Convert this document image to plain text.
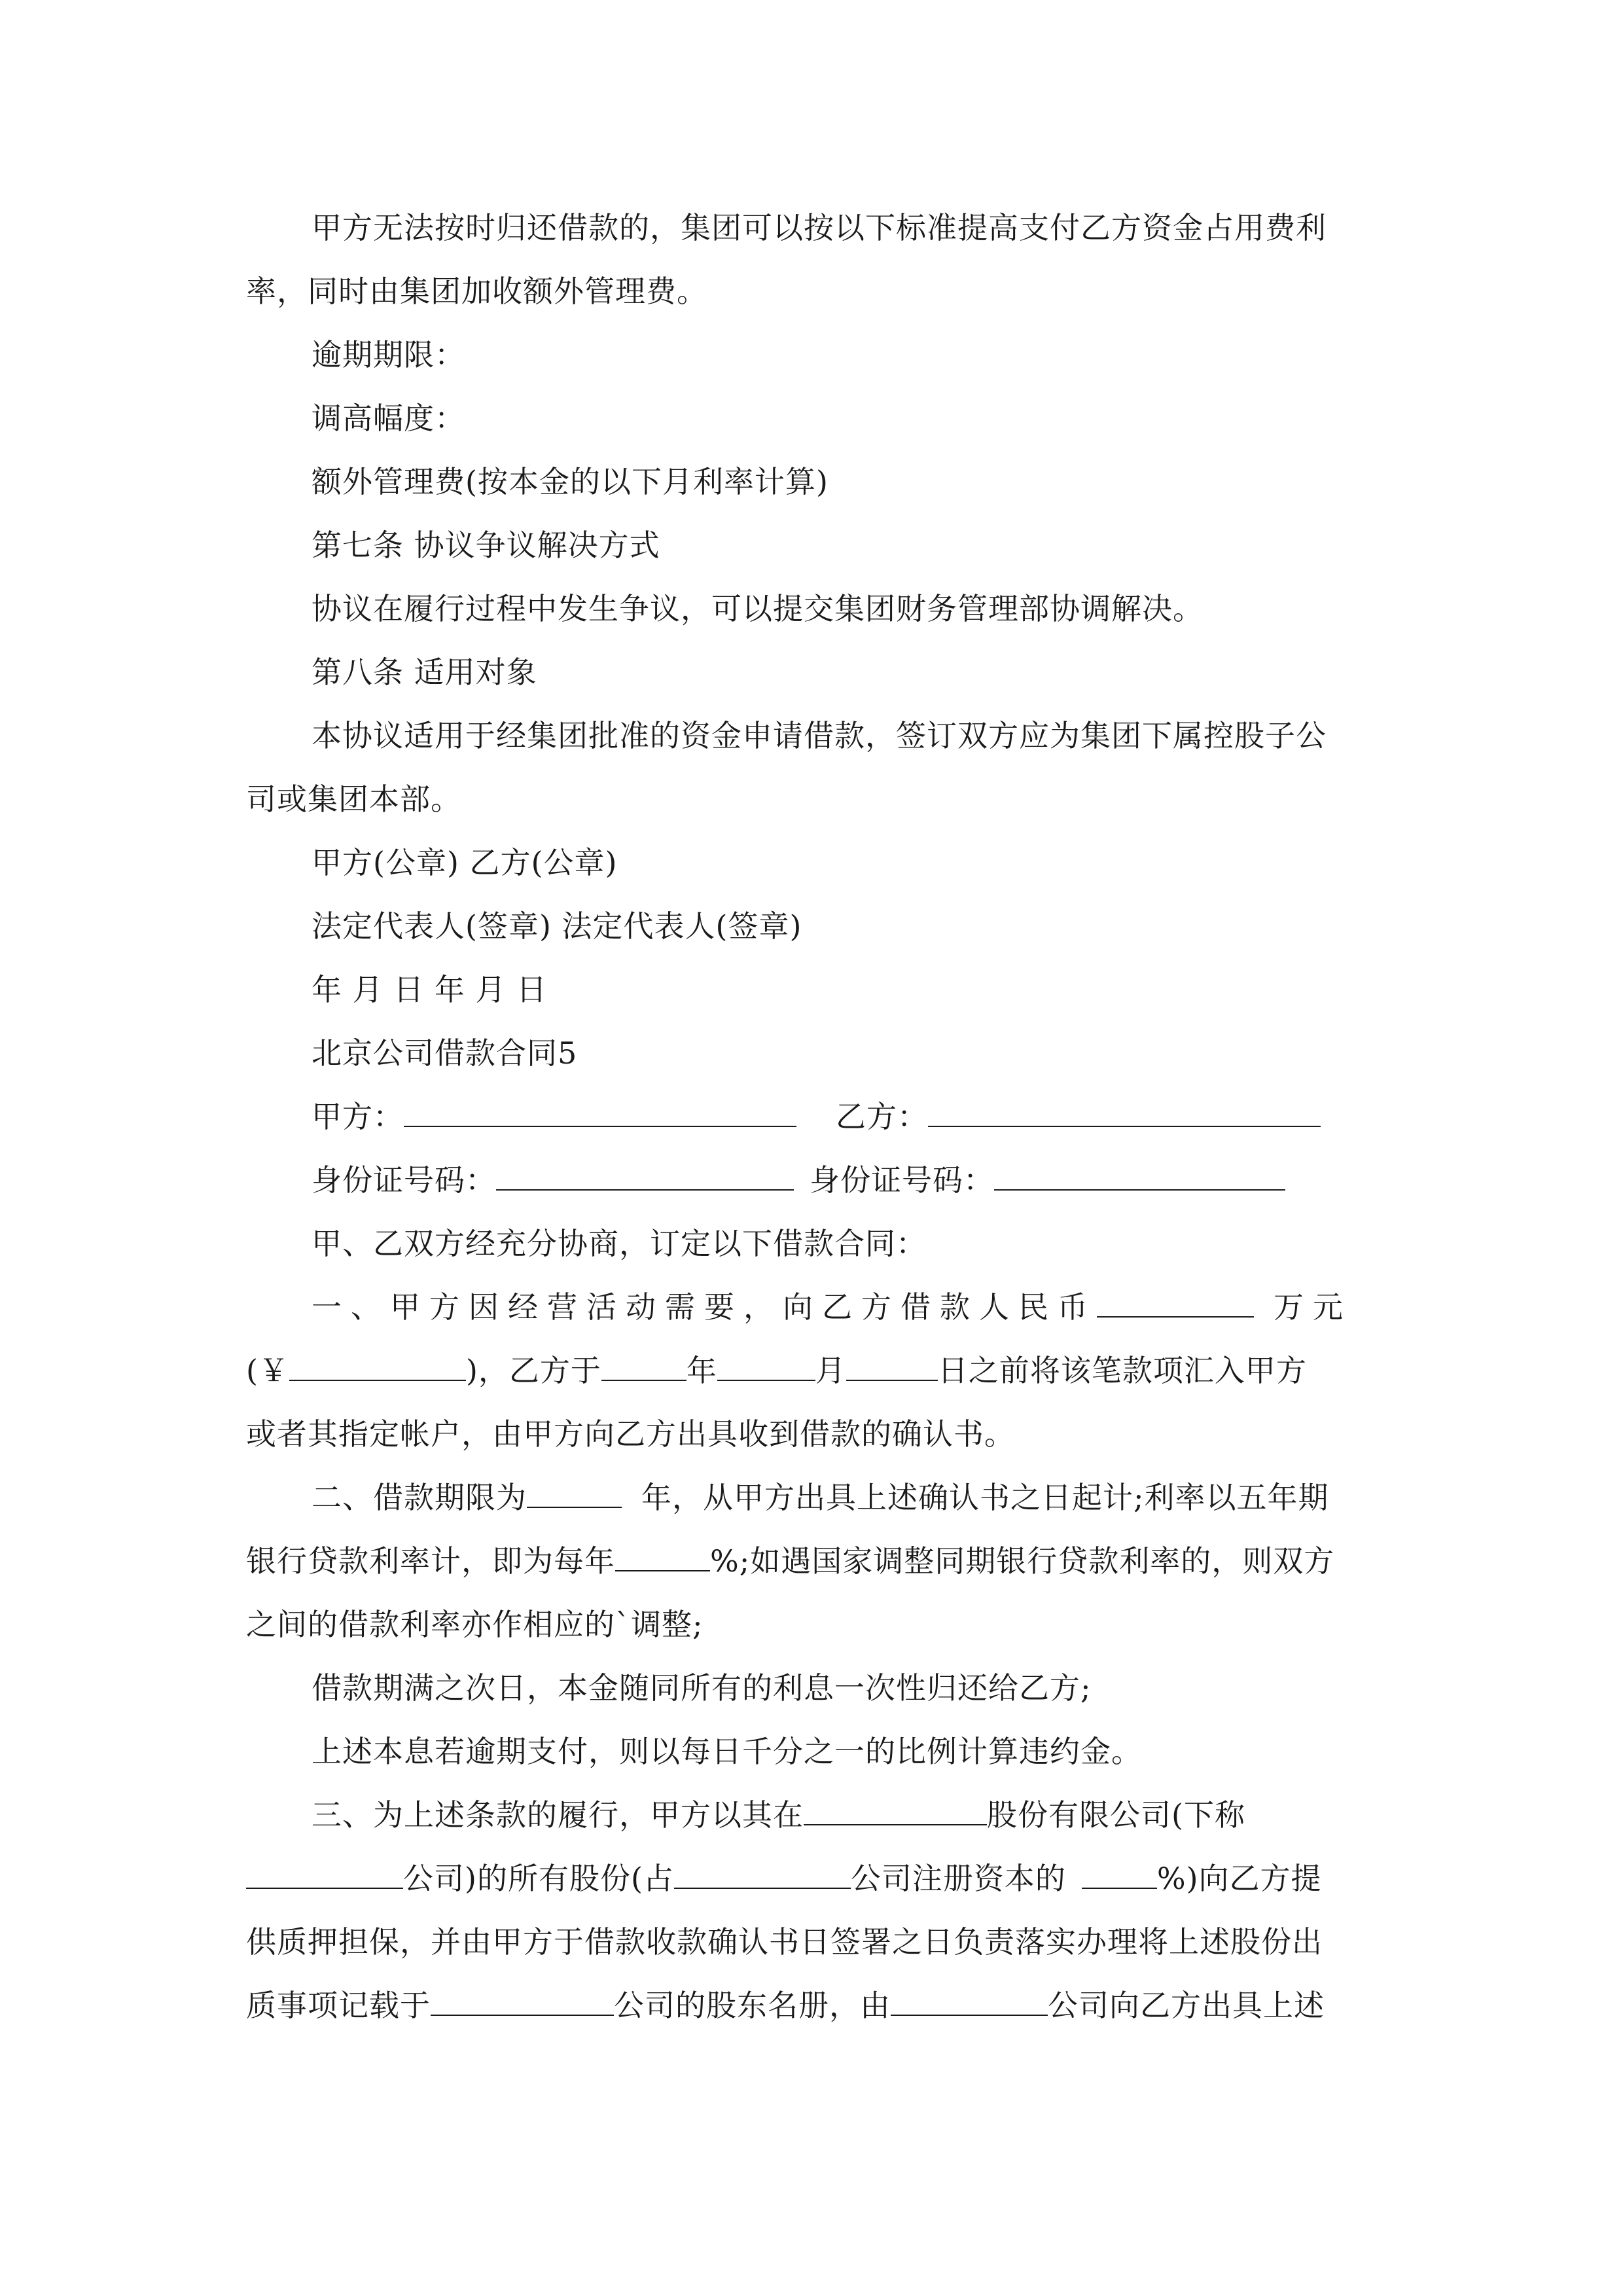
甲方无法按时归还借款的，集团可以按以下标准提高支付乙方资金占用费利
率，同时由集团加收额外管理费。
逾期期限：
调高幅度：
额外管理费(按本金的以下月利率计算)
第七条 协议争议解决方式
协议在履行过程中发生争议，可以提交集团财务管理部协调解决。
第八条 适用对象
本协议适用于经集团批准的资金申请借款，签订双方应为集团下属控股子公
司或集团本部。
甲方(公章) 乙方(公章)
法定代表人(签章) 法定代表人(签章)
年 月 日 年 月 日
北京公司借款合同5
甲方：	乙方：
身份证号码：	身份证号码：
甲、乙双方经充分协商，订定以下借款合同：
一、甲方因经营活动需要，向乙方借款人民币	万元
(￥	)，乙方于	年	月	日之前将该笔款项汇入甲方
或者其指定帐户，由甲方向乙方出具收到借款的确认书。
二、借款期限为	年，从甲方出具上述确认书之日起计;利率以五年期
银行贷款利率计，即为每年	%;如遇国家调整同期银行贷款利率的，则双方
之间的借款利率亦作相应的`调整;
借款期满之次日，本金随同所有的利息一次性归还给乙方;
上述本息若逾期支付，则以每日千分之一的比例计算违约金。
三、为上述条款的履行，甲方以其在	股份有限公司(下称
公司)的所有股份(占	公司注册资本的	%)向乙方提
供质押担保，并由甲方于借款收款确认书日签署之日负责落实办理将上述股份出
质事项记载于	公司的股东名册，由	公司向乙方出具上述
